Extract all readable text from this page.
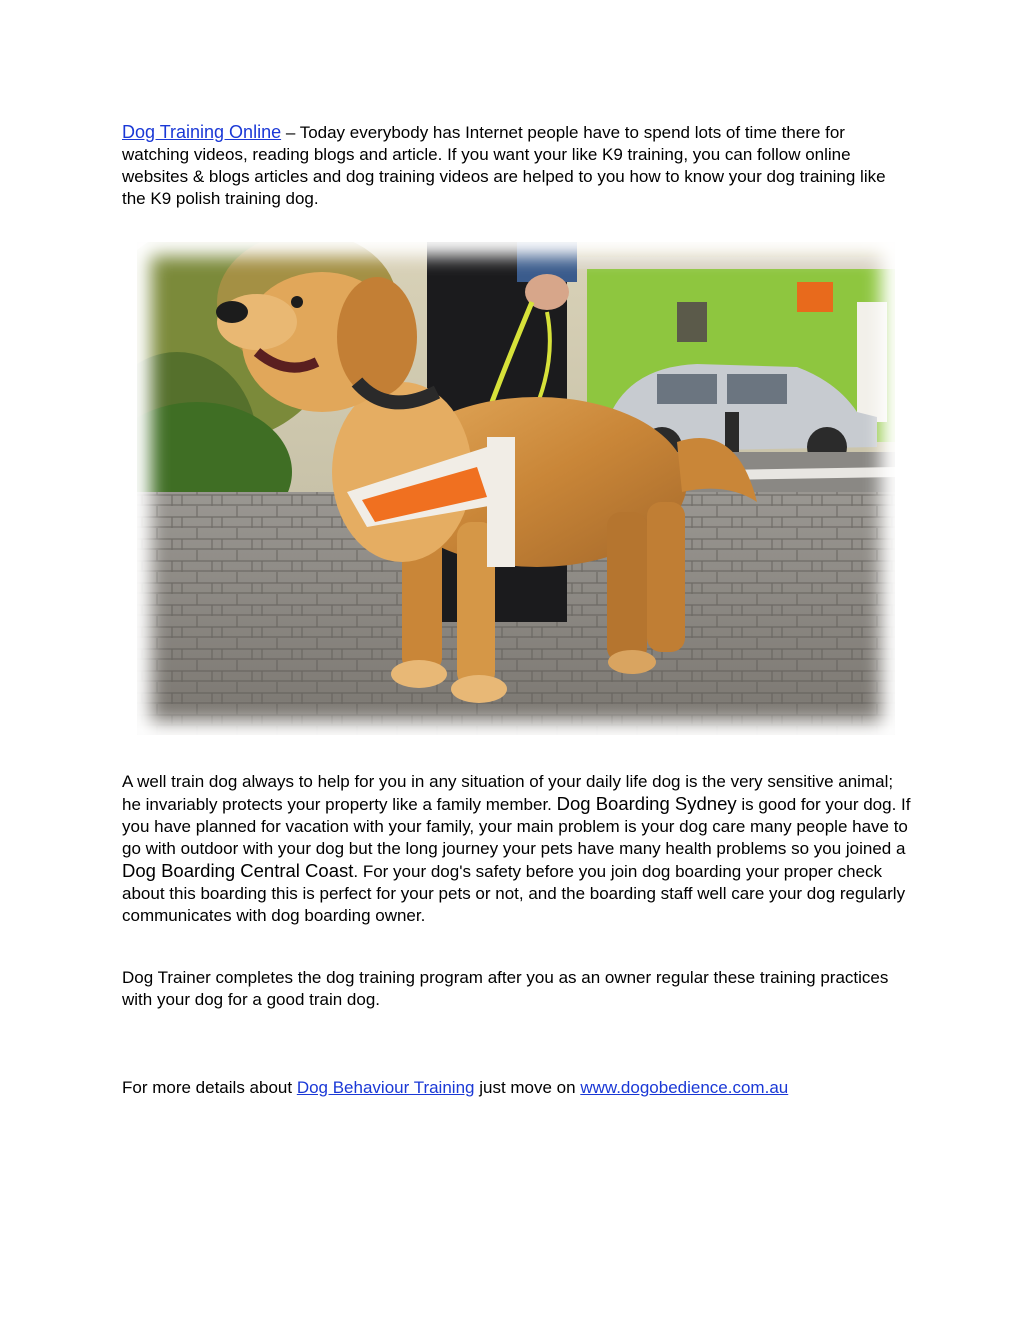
Dog Training Online – Today everybody has Internet people have to spend lots of time there for watching videos, reading blogs and article. If you want your like K9 training, you can follow online websites & blogs articles and dog training videos are helped to you how to know your dog training like the K9 polish training dog.

A well train dog always to help for you in any situation of your daily life dog is the very sensitive animal; he invariably protects your property like a family member. Dog Boarding Sydney is good for your dog. If you have planned for vacation with your family, your main problem is your dog care many people have to go with outdoor with your dog but the long journey your pets have many health problems so you joined a Dog Boarding Central Coast. For your dog's safety before you join dog boarding your proper check about this boarding this is perfect for your pets or not, and the boarding staff well care your dog regularly communicates with dog boarding owner.

Dog Trainer completes the dog training program after you as an owner regular these training practices with your dog for a good train dog.

For more details about Dog Behaviour Training just move on www.dogobedience.com.au
